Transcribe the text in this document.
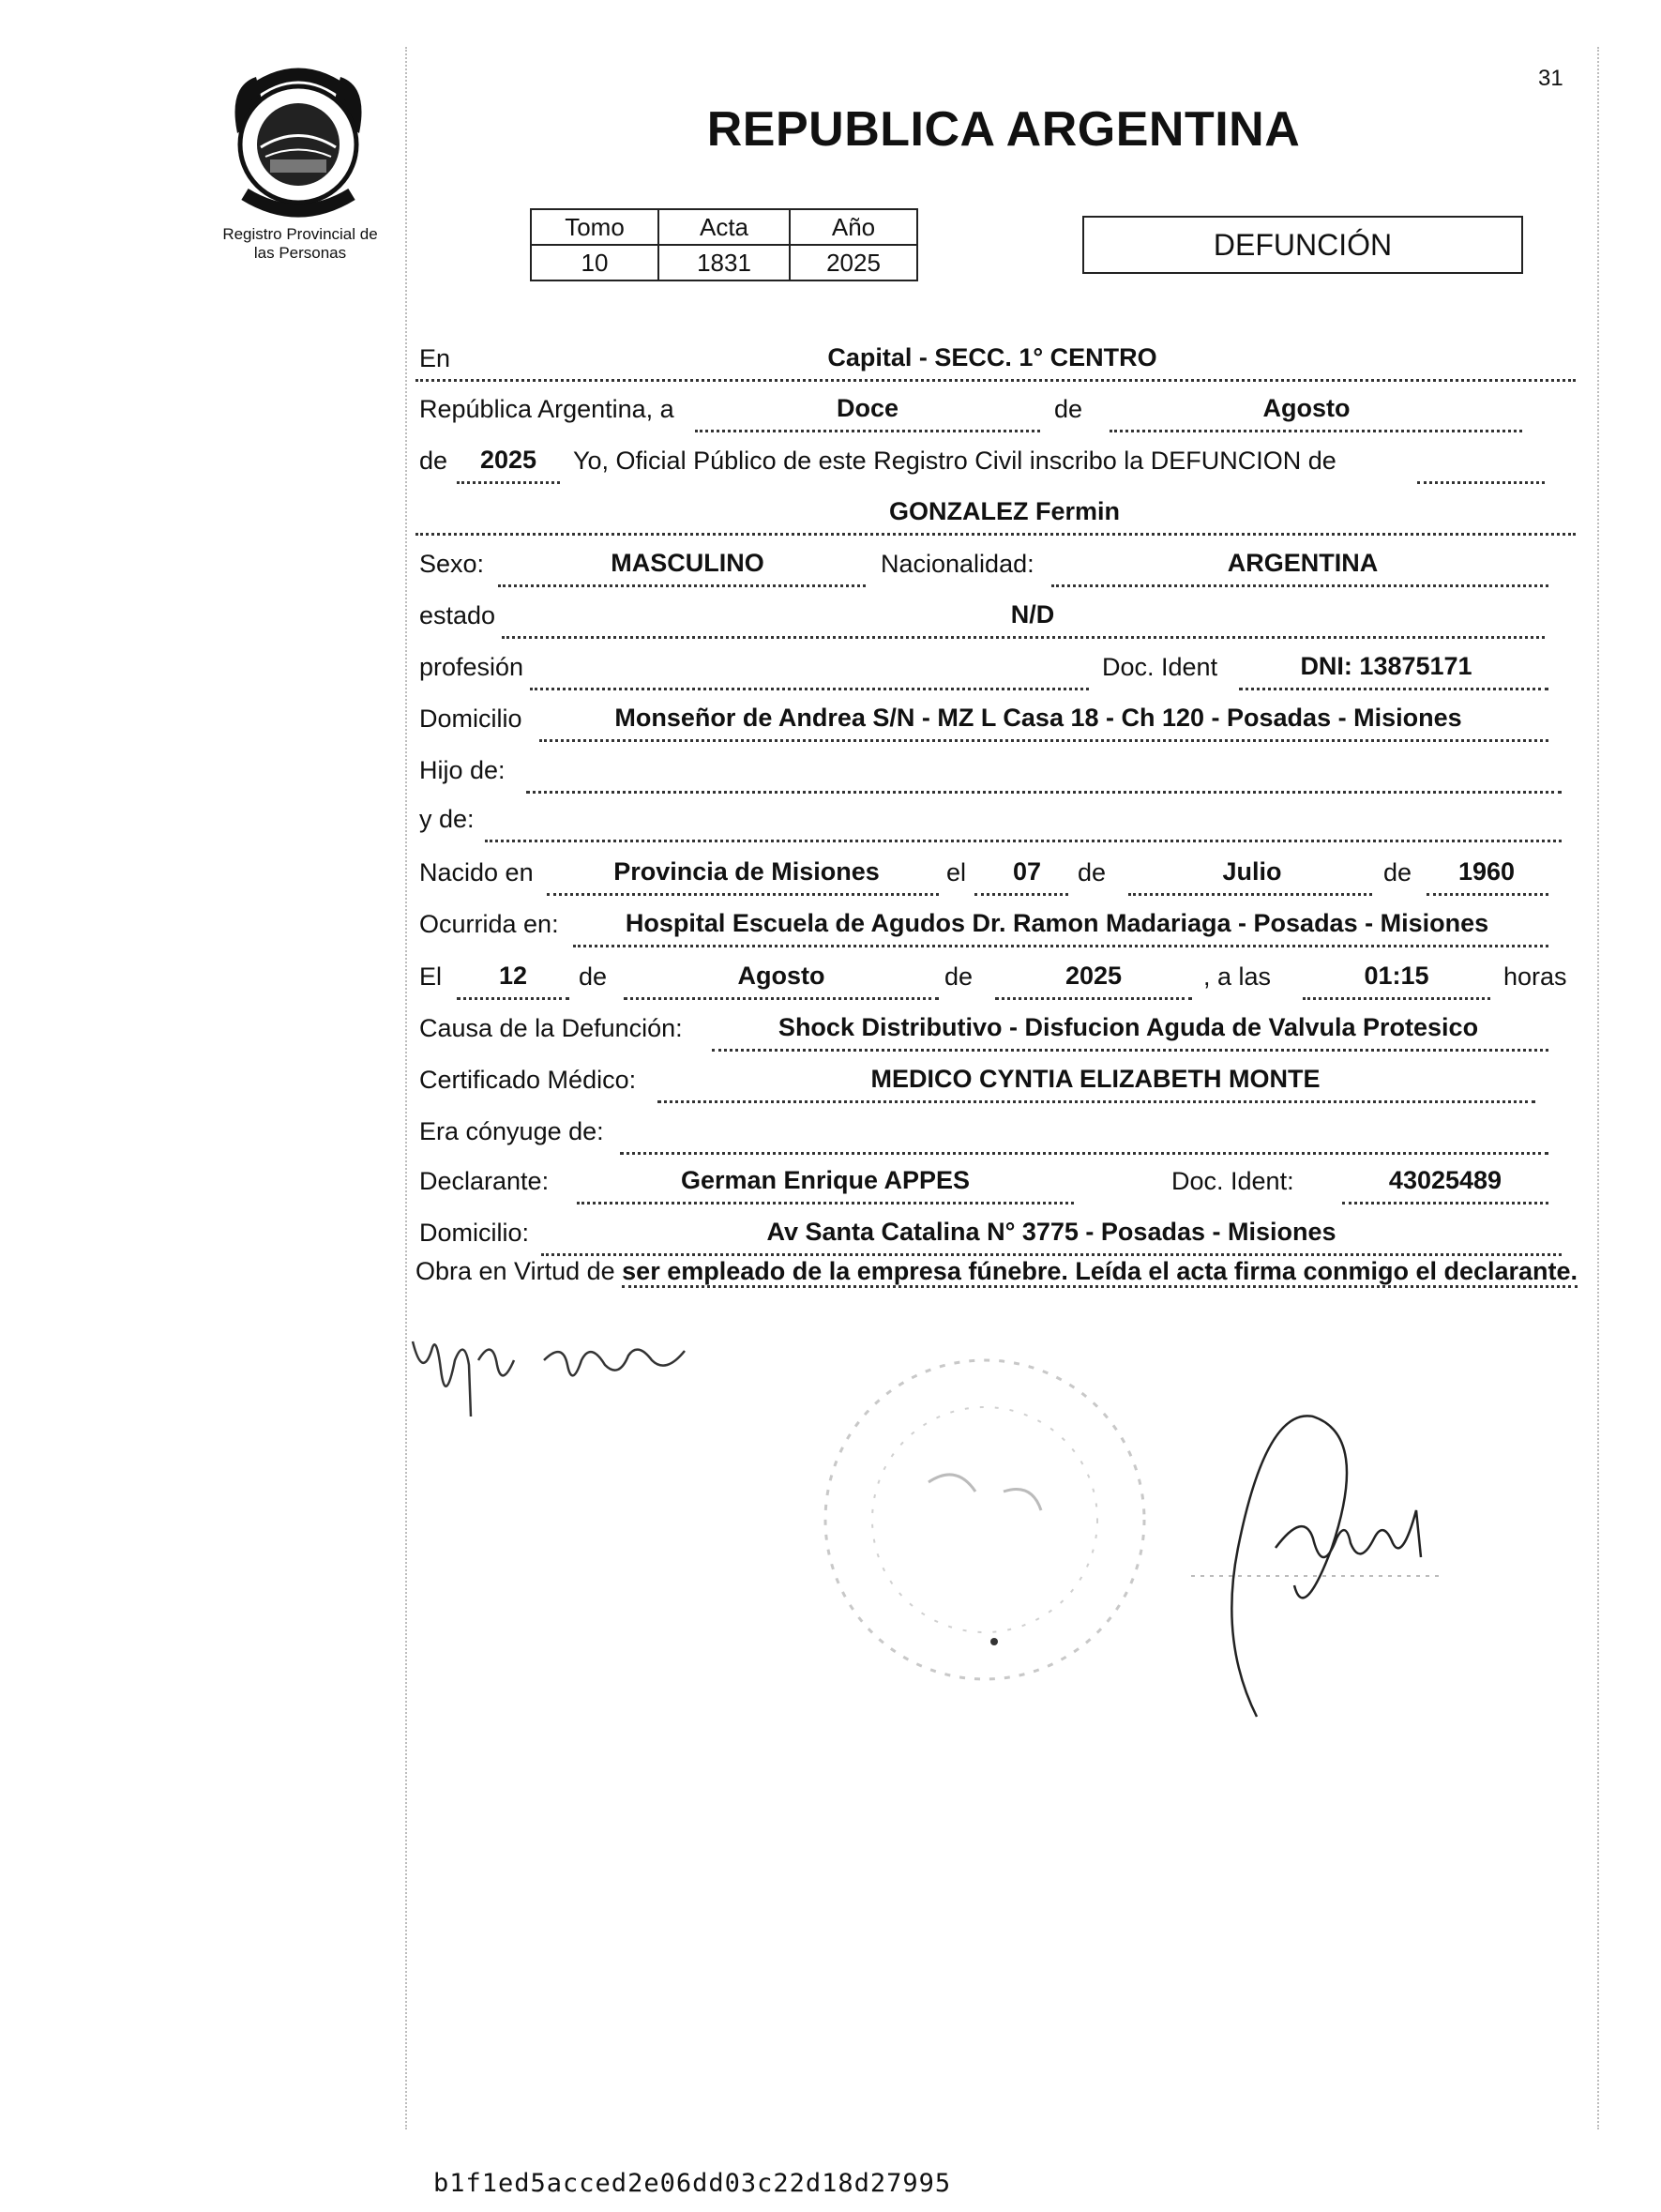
31
REPUBLICA ARGENTINA
Registro Provincial de
las Personas
Tomo	Acta	Año
10	1831	2025
DEFUNCIÓN
En	Capital - SECC. 1° CENTRO
República Argentina, a	Doce	de	Agosto
de 2025 Yo, Oficial Público de este Registro Civil inscribo la DEFUNCION de
GONZALEZ Fermin
Sexo:	MASCULINO	Nacionalidad:	ARGENTINA
estado	N/D
profesión	Doc. Ident	DNI: 13875171
Domicilio	Monseñor de Andrea S/N - MZ L Casa 18 - Ch 120 - Posadas - Misiones
Hijo de:
y de:
Nacido en	Provincia de Misiones	el 07 de	Julio	de 1960
Ocurrida en:	Hospital Escuela de Agudos Dr. Ramon Madariaga - Posadas - Misiones
El 12 de	Agosto	de	2025	, a las	01:15	horas
Causa de la Defunción:	Shock Distributivo - Disfucion Aguda de Valvula Protesico
Certificado Médico:	MEDICO CYNTIA ELIZABETH MONTE
Era cónyuge de:
Declarante:	German Enrique APPES	Doc. Ident:	43025489
Domicilio:	Av Santa Catalina N° 3775 - Posadas - Misiones
Obra en Virtud de ser empleado de la empresa fúnebre. Leída el acta firma conmigo el declarante.
b1f1ed5acced2e06dd03c22d18d27995
